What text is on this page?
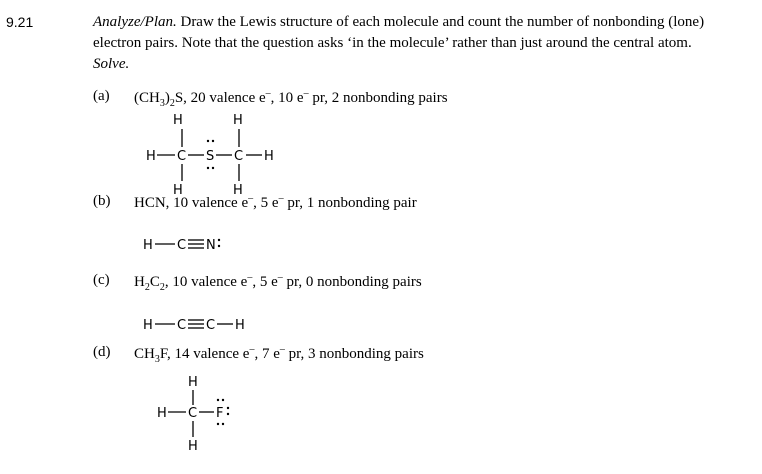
9.21	Analyze/Plan. Draw the Lewis structure of each molecule and count the number of nonbonding (lone) electron pairs. Note that the question asks ‘in the molecule’ rather than just around the central atom. Solve.
(a) $(CH_3)_2S$, 20 valence e–, 10 e– pr, 2 nonbonding pairs
(b) HCN, 10 valence e–, 5 e– pr, 1 nonbonding pair
(c) $H_2C_2$, 10 valence e–, 5 e– pr, 0 nonbonding pairs
(d) $CH_3F$, 14 valence e–, 7 e– pr, 3 nonbonding pairs
H	H
H C S C H
H	H
H C N
H C C H
H
H C F
H
